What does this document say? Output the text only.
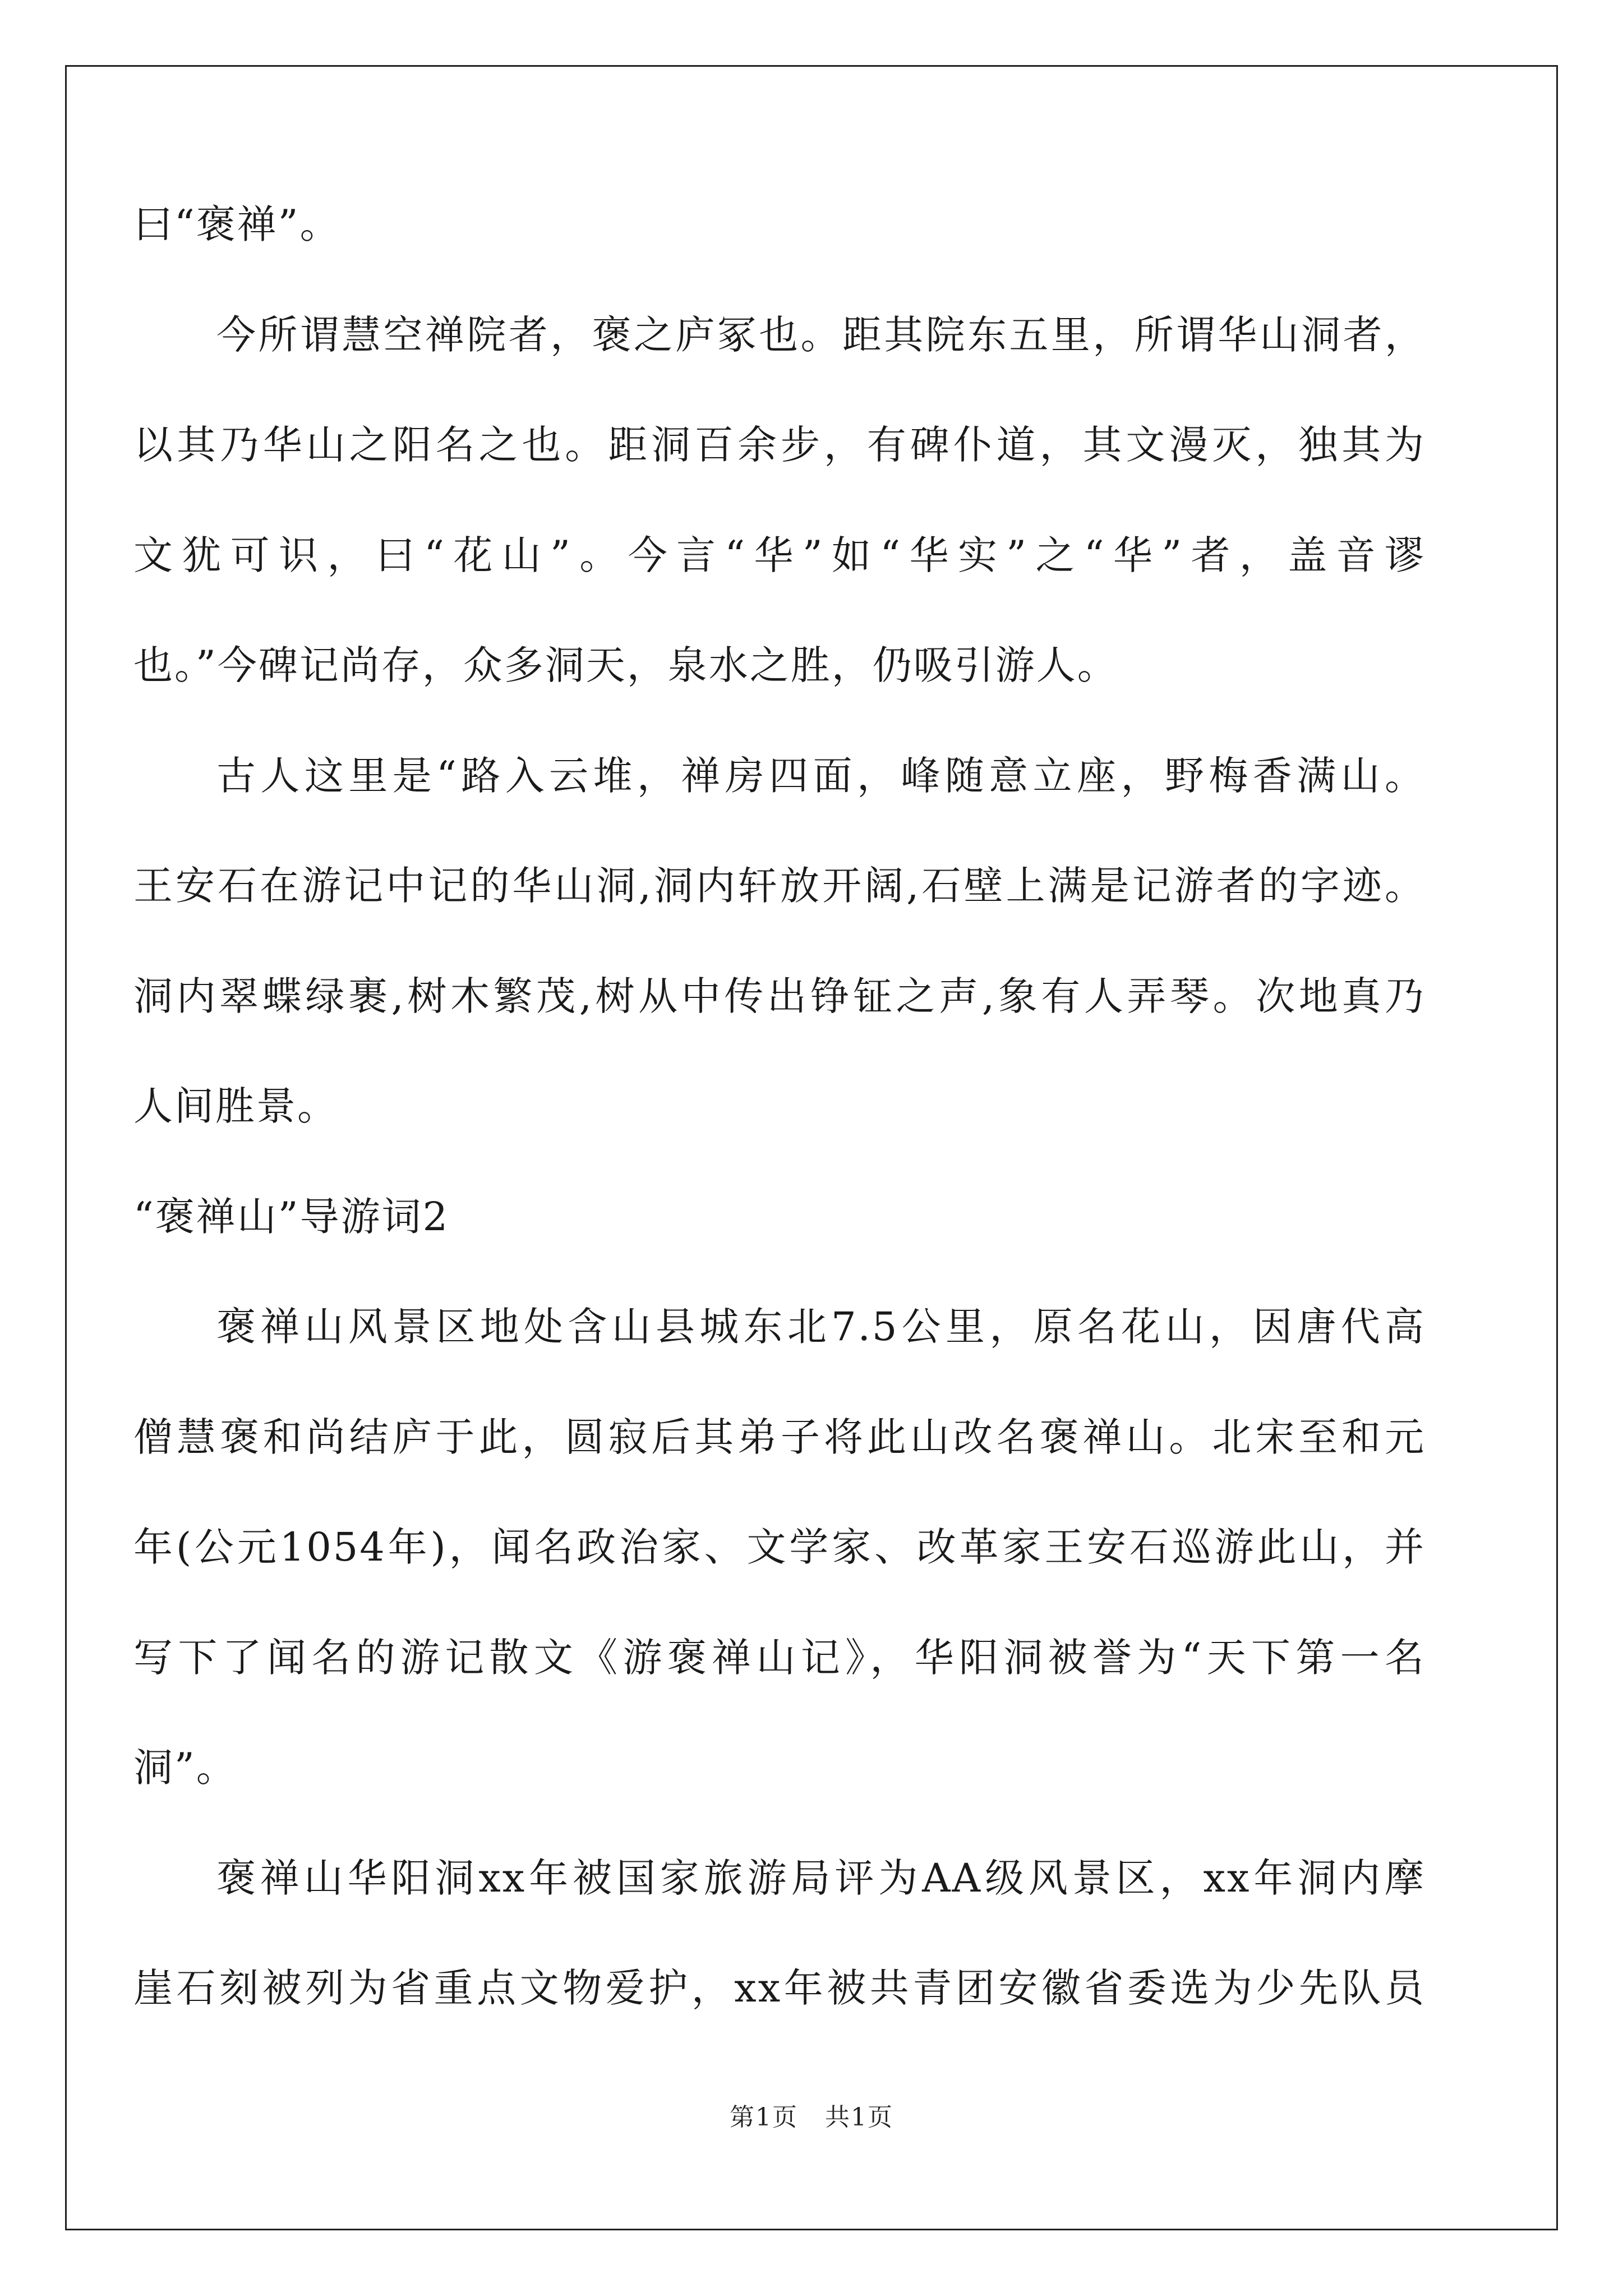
曰“褒禅”。

今所谓慧空禅院者，褒之庐冢也。距其院东五里，所谓华山洞者，

以其乃华山之阳名之也。距洞百余步，有碑仆道，其文漫灭，独其为

文犹可识，曰“花山”。今言“华”如“华实”之“华”者，盖音谬

也。”今碑记尚存，众多洞天，泉水之胜，仍吸引游人。

古人这里是“路入云堆，禅房四面，峰随意立座，野梅香满山。

王安石在游记中记的华山洞,洞内轩放开阔,石壁上满是记游者的字迹。

洞内翠蝶绿裹,树木繁茂,树从中传出铮钲之声,象有人弄琴。次地真乃

人间胜景。

“褒禅山”导游词2

褒禅山风景区地处含山县城东北7.5公里，原名花山，因唐代高

僧慧褒和尚结庐于此，圆寂后其弟子将此山改名褒禅山。北宋至和元

年(公元1054年)，闻名政治家、文学家、改革家王安石巡游此山，并

写下了闻名的游记散文《游褒禅山记》，华阳洞被誉为“天下第一名

洞”。

褒禅山华阳洞xx年被国家旅游局评为AA级风景区，xx年洞内摩

崖石刻被列为省重点文物爱护，xx年被共青团安徽省委选为少先队员

第1页   共1页
